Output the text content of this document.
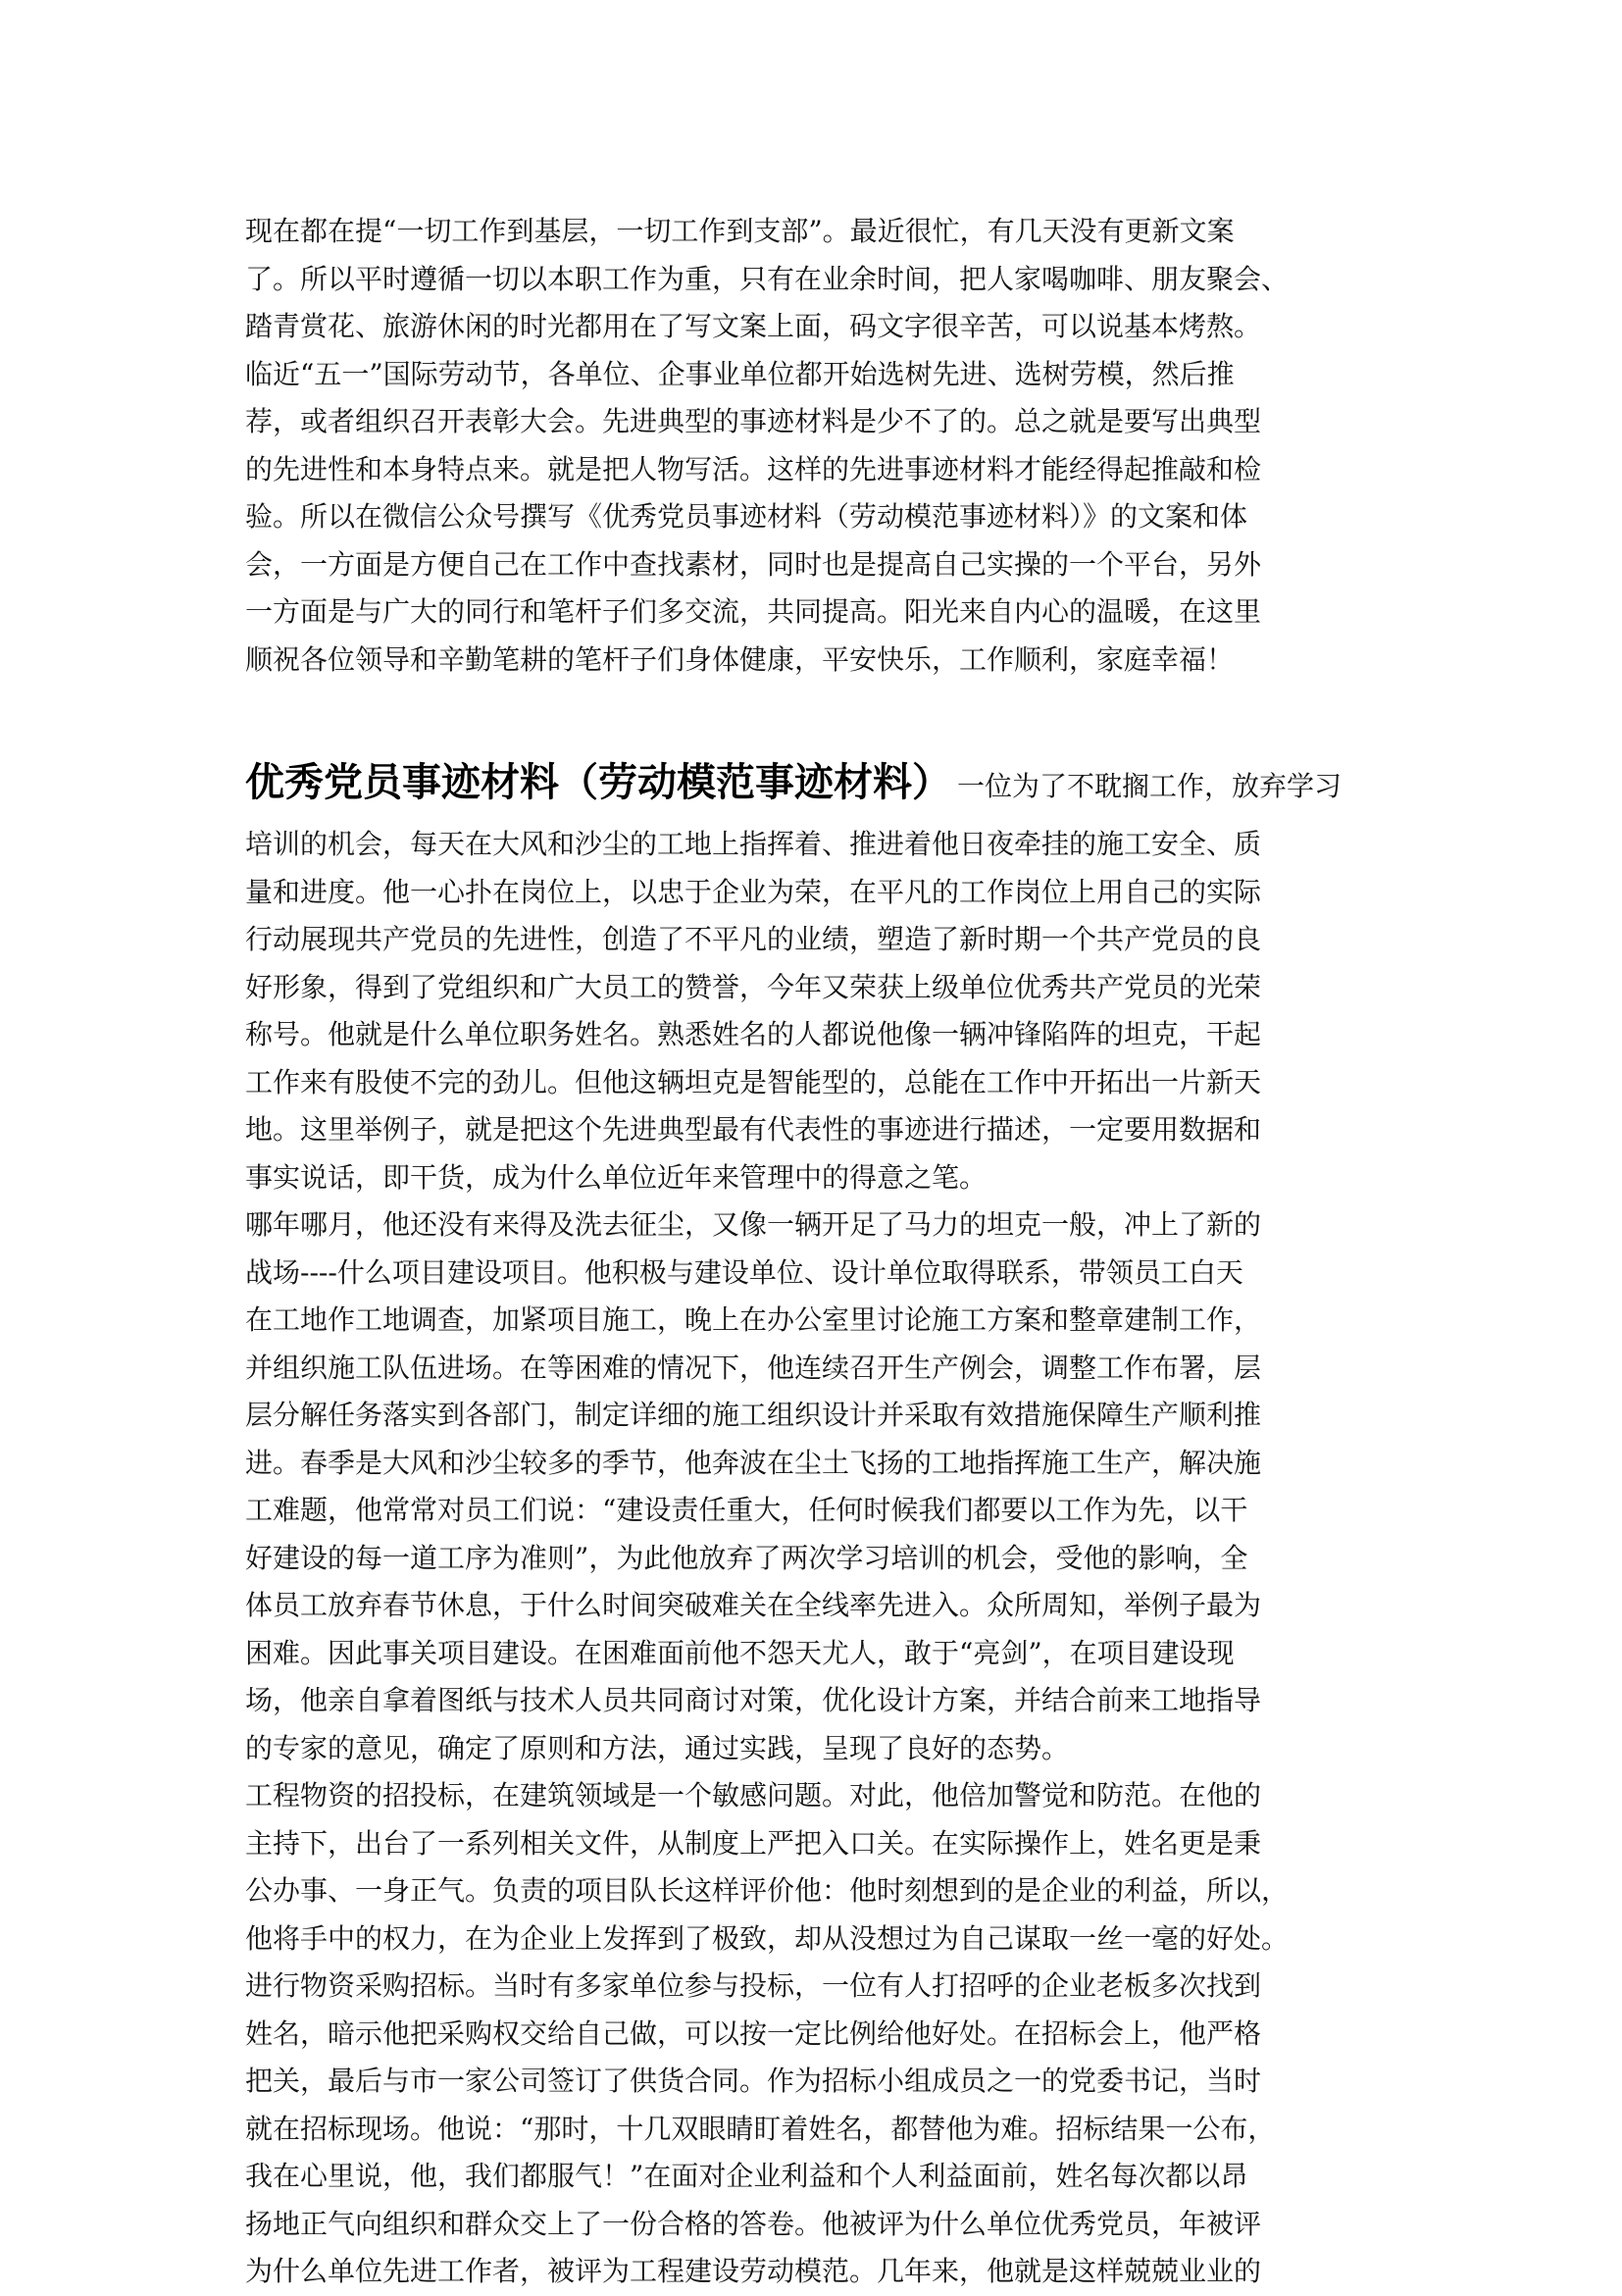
现在都在提“一切工作到基层，一切工作到支部”。最近很忙，有几天没有更新文案
了。所以平时遵循一切以本职工作为重，只有在业余时间，把人家喝咖啡、朋友聚会、
踏青赏花、旅游休闲的时光都用在了写文案上面，码文字很辛苦，可以说基本烤熬。
临近“五一”国际劳动节，各单位、企事业单位都开始选树先进、选树劳模，然后推
荐，或者组织召开表彰大会。先进典型的事迹材料是少不了的。总之就是要写出典型
的先进性和本身特点来。就是把人物写活。这样的先进事迹材料才能经得起推敲和检
验。所以在微信公众号撰写《优秀党员事迹材料（劳动模范事迹材料）》的文案和体
会，一方面是方便自己在工作中查找素材，同时也是提高自己实操的一个平台，另外
一方面是与广大的同行和笔杆子们多交流，共同提高。阳光来自内心的温暖，在这里
顺祝各位领导和辛勤笔耕的笔杆子们身体健康，平安快乐，工作顺利，家庭幸福！
优秀党员事迹材料（劳动模范事迹材料） 一位为了不耽搁工作，放弃学习
培训的机会，每天在大风和沙尘的工地上指挥着、推进着他日夜牵挂的施工安全、质
量和进度。他一心扑在岗位上，以忠于企业为荣，在平凡的工作岗位上用自己的实际
行动展现共产党员的先进性，创造了不平凡的业绩，塑造了新时期一个共产党员的良
好形象，得到了党组织和广大员工的赞誉，今年又荣获上级单位优秀共产党员的光荣
称号。他就是什么单位职务姓名。熟悉姓名的人都说他像一辆冲锋陷阵的坦克，干起
工作来有股使不完的劲儿。但他这辆坦克是智能型的，总能在工作中开拓出一片新天
地。这里举例子，就是把这个先进典型最有代表性的事迹进行描述，一定要用数据和
事实说话，即干货，成为什么单位近年来管理中的得意之笔。
哪年哪月，他还没有来得及洗去征尘，又像一辆开足了马力的坦克一般，冲上了新的
战场----什么项目建设项目。他积极与建设单位、设计单位取得联系，带领员工白天
在工地作工地调查，加紧项目施工，晚上在办公室里讨论施工方案和整章建制工作，
并组织施工队伍进场。在等困难的情况下，他连续召开生产例会，调整工作布署，层
层分解任务落实到各部门，制定详细的施工组织设计并采取有效措施保障生产顺利推
进。春季是大风和沙尘较多的季节，他奔波在尘土飞扬的工地指挥施工生产，解决施
工难题，他常常对员工们说：“建设责任重大，任何时候我们都要以工作为先，以干
好建设的每一道工序为准则”，为此他放弃了两次学习培训的机会，受他的影响，全
体员工放弃春节休息，于什么时间突破难关在全线率先进入。众所周知，举例子最为
困难。因此事关项目建设。在困难面前他不怨天尤人，敢于“亮剑”，在项目建设现
场，他亲自拿着图纸与技术人员共同商讨对策，优化设计方案，并结合前来工地指导
的专家的意见，确定了原则和方法，通过实践，呈现了良好的态势。
工程物资的招投标，在建筑领域是一个敏感问题。对此，他倍加警觉和防范。在他的
主持下，出台了一系列相关文件，从制度上严把入口关。在实际操作上，姓名更是秉
公办事、一身正气。负责的项目队长这样评价他：他时刻想到的是企业的利益，所以，
他将手中的权力，在为企业上发挥到了极致，却从没想过为自己谋取一丝一毫的好处。
进行物资采购招标。当时有多家单位参与投标，一位有人打招呼的企业老板多次找到
姓名，暗示他把采购权交给自己做，可以按一定比例给他好处。在招标会上，他严格
把关，最后与市一家公司签订了供货合同。作为招标小组成员之一的党委书记，当时
就在招标现场。他说：“那时，十几双眼睛盯着姓名，都替他为难。招标结果一公布，
我在心里说，他，我们都服气！”在面对企业利益和个人利益面前，姓名每次都以昂
扬地正气向组织和群众交上了一份合格的答卷。他被评为什么单位优秀党员，年被评
为什么单位先进工作者，被评为工程建设劳动模范。几年来，他就是这样兢兢业业的
